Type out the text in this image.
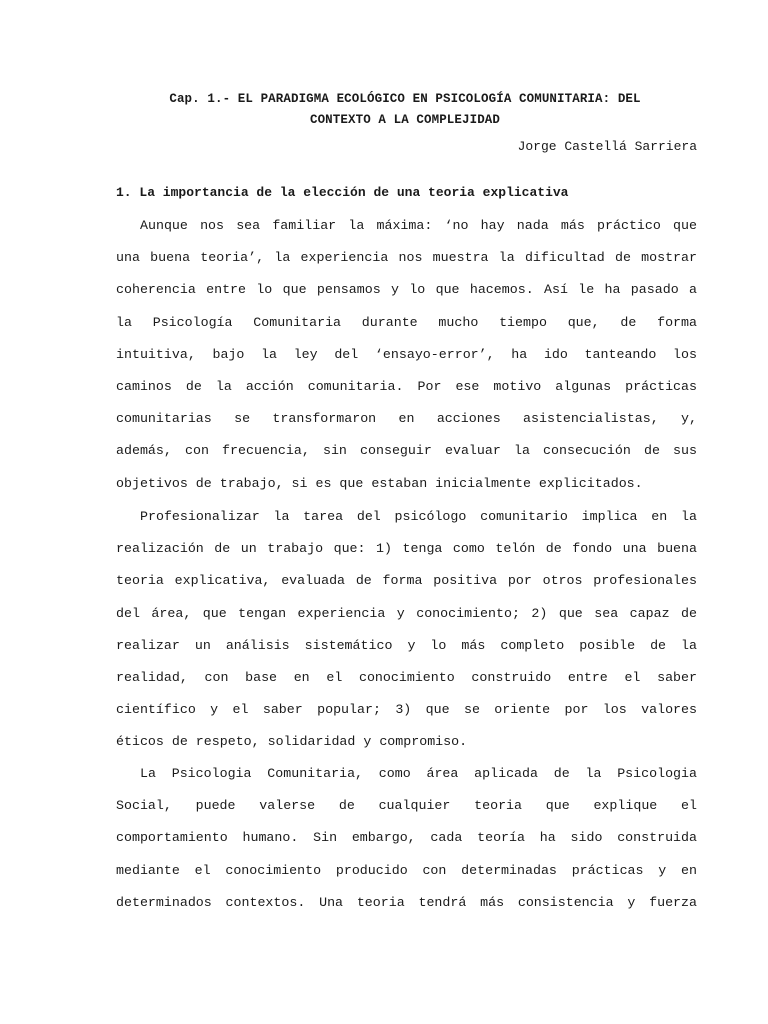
Cap. 1.- EL PARADIGMA ECOLÓGICO EN PSICOLOGÍA COMUNITARIA: DEL
CONTEXTO A LA COMPLEJIDAD
Jorge Castellá Sarriera
1. La importancia de la elección de una teoria explicativa
Aunque nos sea familiar la máxima: ‘no hay nada más práctico que
una buena teoria’, la experiencia nos muestra la dificultad de mostrar
coherencia entre lo que pensamos y lo que hacemos. Así le ha pasado a
la Psicología Comunitaria durante mucho tiempo que, de forma
intuitiva, bajo la ley del ‘ensayo-error’, ha ido tanteando los
caminos de la acción comunitaria. Por ese motivo algunas prácticas
comunitarias se transformaron en acciones asistencialistas, y,
además, con frecuencia, sin conseguir evaluar la consecución de sus
objetivos de trabajo, si es que estaban inicialmente explicitados.
Profesionalizar la tarea del psicólogo comunitario implica en la
realización de un trabajo que: 1) tenga como telón de fondo una buena
teoria explicativa, evaluada de forma positiva por otros profesionales
del área, que tengan experiencia y conocimiento; 2) que sea capaz de
realizar un análisis sistemático y lo más completo posible de la
realidad, con base en el conocimiento construido entre el saber
científico y el saber popular; 3) que se oriente por los valores
éticos de respeto, solidaridad y compromiso.
La Psicologia Comunitaria, como área aplicada de la Psicologia
Social, puede valerse de cualquier teoria que explique el
comportamiento humano. Sin embargo, cada teoría ha sido construida
mediante el conocimiento producido con determinadas prácticas y en
determinados contextos. Una teoria tendrá más consistencia y fuerza
